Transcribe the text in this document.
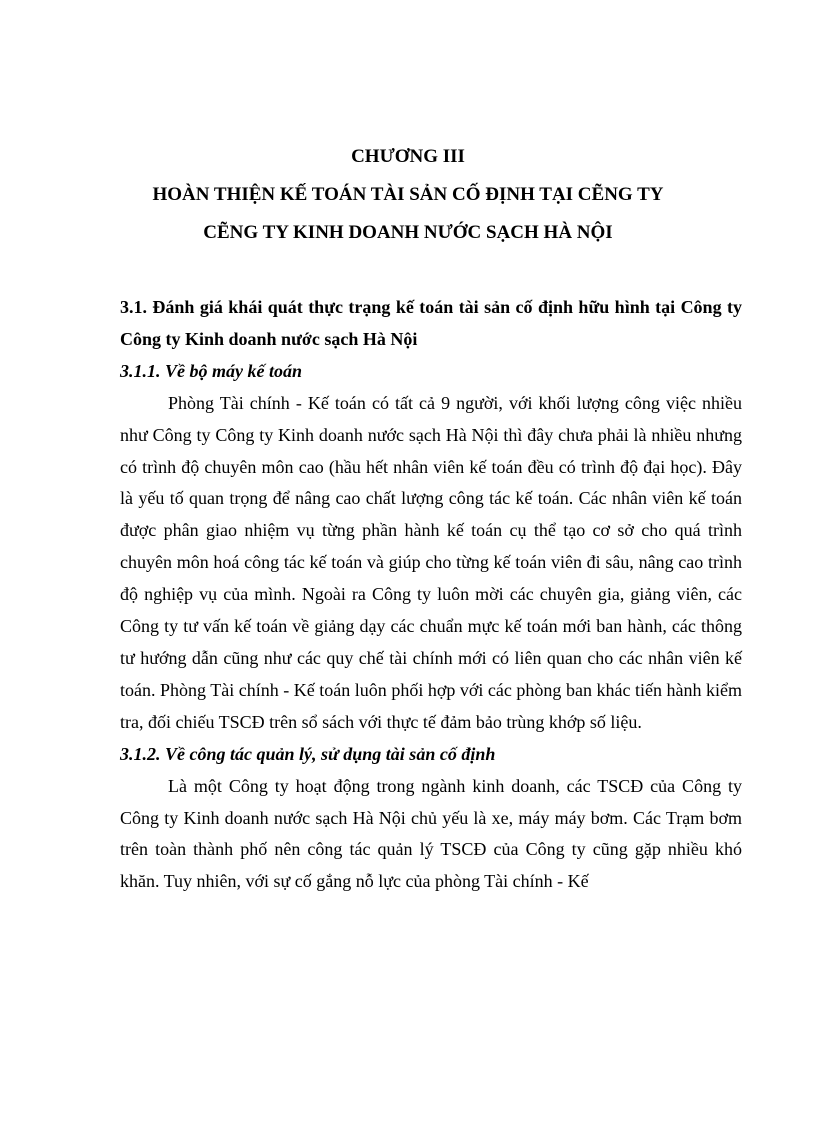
CHƯƠNG III
HOÀN THIỆN KẾ TOÁN TÀI SẢN CỐ ĐỊNH TẠI CẼNG TY
CẼNG TY KINH DOANH NƯỚC SẠCH HÀ NỘI

3.1. Đánh giá khái quát thực trạng kế toán tài sản cố định hữu hình tại Công ty Công ty Kinh doanh nước sạch Hà Nội

3.1.1. Về bộ máy kế toán

Phòng Tài chính - Kế toán có tất cả 9 người, với khối lượng công việc nhiều như Công ty Công ty Kinh doanh nước sạch Hà Nội thì đây chưa phải là nhiều nhưng có trình độ chuyên môn cao (hầu hết nhân viên kế toán đều có trình độ đại học). Đây là yếu tố quan trọng để nâng cao chất lượng công tác kế toán. Các nhân viên kế toán được phân giao nhiệm vụ từng phần hành kế toán cụ thể tạo cơ sở cho quá trình chuyên môn hoá công tác kế toán và giúp cho từng kế toán viên đi sâu, nâng cao trình độ nghiệp vụ của mình. Ngoài ra Công ty luôn mời các chuyên gia, giảng viên, các Công ty tư vấn kế toán về giảng dạy các chuẩn mực kế toán mới ban hành, các thông tư hướng dẫn cũng như các quy chế tài chính mới có liên quan cho các nhân viên kế toán. Phòng Tài chính - Kế toán luôn phối hợp với các phòng ban khác tiến hành kiểm tra, đối chiếu TSCĐ trên sổ sách với thực tế đảm bảo trùng khớp số liệu.

3.1.2. Về công tác quản lý, sử dụng tài sản cố định

Là một Công ty hoạt động trong ngành kinh doanh, các TSCĐ của Công ty Công ty Kinh doanh nước sạch Hà Nội chủ yếu là xe, máy máy bơm. Các Trạm bơm trên toàn thành phố nên công tác quản lý TSCĐ của Công ty cũng gặp nhiều khó khăn. Tuy nhiên, với sự cố gắng nỗ lực của phòng Tài chính - Kế
